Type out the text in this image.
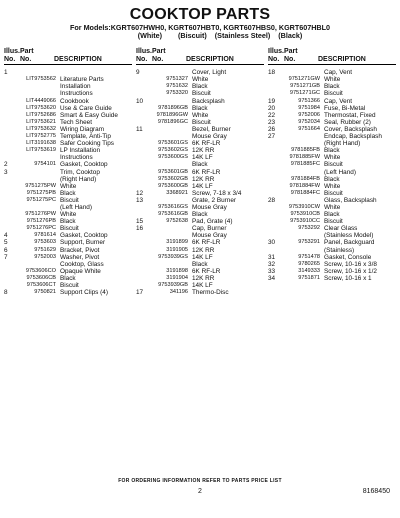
COOKTOP PARTS
For Models:KGRT607HWH0, KGRT607HBT0, KGRT607HBS0, KGRT607HBL0
(White)        (Biscuit)    (Stainless Steel)    (Black)
Illus.
No.
Part
No.
	DESCRIPTION
1
LIT9753562 Literature Parts
Installation
Instructions
LIT4449066 Cookbook
LIT9753620 Use & Care Guide
LIT9752686 Smart & Easy Guide
LIT9753621 Tech Sheet
LIT9753632 Wiring Diagram
LIT9752775 Template, Anti-Tip
LIT3191638 Safer Cooking Tips
LIT9753619 LP Installation
Instructions
2	9754101 Gasket, Cooktop
3	Trim, Cooktop
(Right Hand)
9751275PW White
9751275PB Black
9751275PC Biscuit
(Left Hand)
9751276PW White
9751276PB Black
9751276PC Biscuit
4	9781614 Gasket, Cooktop
5	9753603 Support, Burner
6	9751629 Bracket, Pivot
7	9752003 Washer, Pivot
Cooktop, Glass
9753606CO Opaque White
9753606CB Black
9753606CT Biscuit
8	9750821 Support Clips (4)
Illus.
No.
Part
No.
	DESCRIPTION
9	Cover, Light
9751327 White
9751632 Black
9753320 Biscuit
10	Backsplash
9781896GB Black
9781896GW White
9781896GC Biscuit
11	Bezel, Burner
Mouse Gray
9753601GS 6K RF-LR
9753602GS 12K RR
9753600GS 14K LF
Black
9753601GB 6K RF-LR
9753602GB 12K RR
9753600GB 14K LF
12	3368921 Screw, 7-18 x 3/4
13	Grate, 2 Burner
9753616GS Mouse Gray
9753616GB Black
15	9752638 Pad, Grate (4)
16	Cap, Burner
Mouse Gray
3191899 6K RF-LR
3191905 12K RR
9753939GS 14K LF
Black
3191898 6K RF-LR
3191904 12K RR
9753939GB 14K LF
17	341196 Thermo-Disc
Illus.
No.
Part
No.
	DESCRIPTION
18	Cap, Vent
9751271GW White
9751271GB Black
9751271GC Biscuit
19	9751366 Cap, Vent
20	9751984 Fuse, Bi-Metal
22	9752006 Thermostat, Fixed
23	9752034 Seal, Rubber (2)
26	9751664 Cover, Backsplash
27	Endcap, Backsplash
(Right Hand)
9781885FB Black
9781885FW White
9781885FC Biscuit
(Left Hand)
9781884FB Black
9781884FW White
9781884FC Biscuit
28	Glass, Backsplash
9753910CW White
9753910CB Black
9753910CC Biscuit
9753292 Clear Glass
(Stainless Model)
30	9753291 Panel, Backguard
(Stainless)
31	9751478 Gasket, Console
32	9780265 Screw, 10-16 x 3/8
33	3149333 Screw, 10-16 x 1/2
34	9751871 Screw, 10-16 x 1
FOR ORDERING INFORMATION REFER TO PARTS PRICE LIST
2	8168450
